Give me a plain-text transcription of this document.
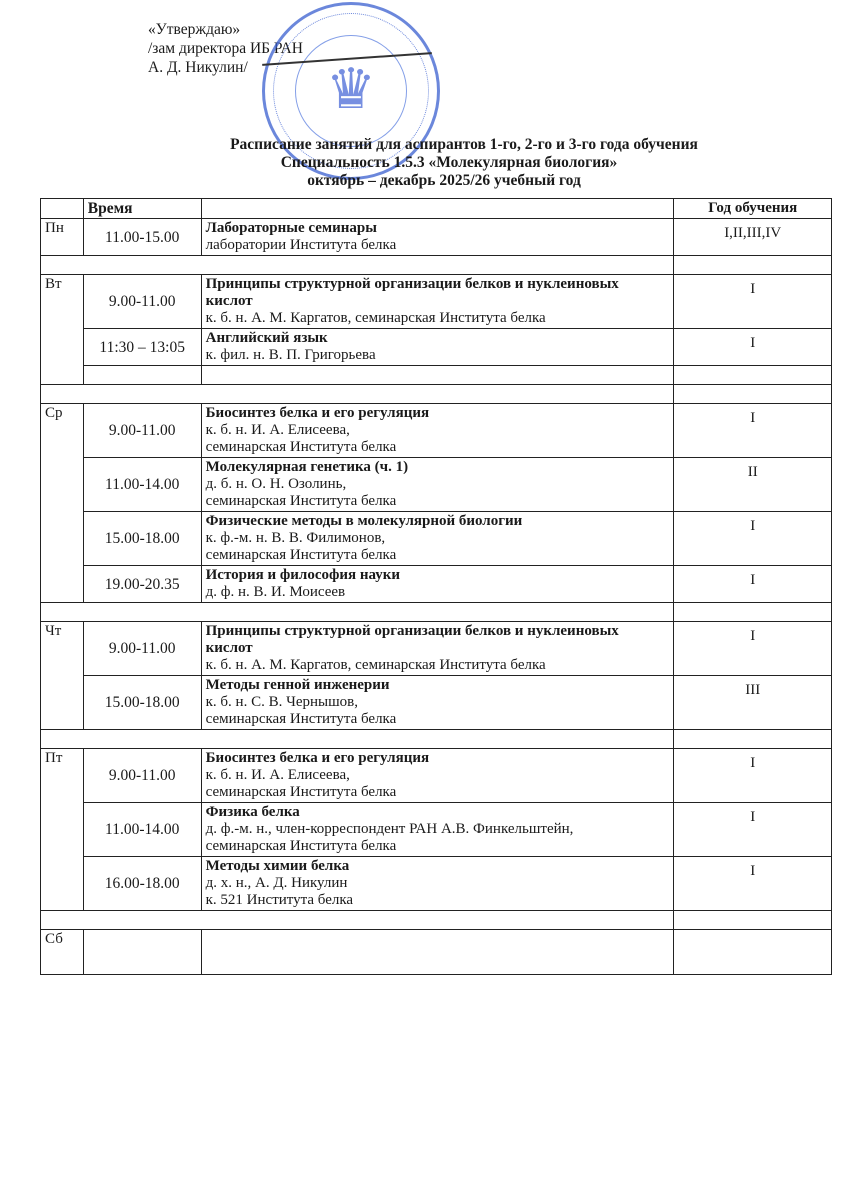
«Утверждаю»
/зам директора ИБ РАН
А. Д. Никулин/	♛
Расписание занятий для аспирантов 1-го, 2-го и 3-го года обучения
Специальность 1.5.3 «Молекулярная биология»
октябрь – декабрь 2025/26 учебный год
	Время		Год обучения
Пн	11.00-15.00	Лабораторные семинары
лаборатории Института белка	I,II,III,IV

Вт	9.00-11.00	Принципы структурной организации белков и нуклеиновых кислот
к. б. н. А. М. Каргатов, семинарская Института белка	I
	11:30 – 13:05	Английский язык
к. фил. н. В. П. Григорьева	I

Ср	9.00-11.00	Биосинтез белка и его регуляция
к. б. н. И. А. Елисеева,
семинарская Института белка	I
	11.00-14.00	Молекулярная генетика (ч. 1)
д. б. н. О. Н. Озолинь,
семинарская Института белка	II
	15.00-18.00	Физические методы в молекулярной биологии
к. ф.-м. н. В. В. Филимонов,
семинарская Института белка	I
	19.00-20.35	История и философия науки
д. ф. н. В. И. Моисеев	I

Чт	9.00-11.00	Принципы структурной организации белков и нуклеиновых кислот
к. б. н. А. М. Каргатов, семинарская Института белка	I
	15.00-18.00	Методы генной инженерии
к. б. н. С. В. Чернышов,
семинарская Института белка	III

Пт	9.00-11.00	Биосинтез белка и его регуляция
к. б. н. И. А. Елисеева,
семинарская Института белка	I
	11.00-14.00	Физика белка
д. ф.-м. н., член-корреспондент РАН А.В. Финкельштейн,
семинарская Института белка	I
	16.00-18.00	Методы химии белка
д. х. н., А. Д. Никулин
к. 521 Института белка	I

Сб		
